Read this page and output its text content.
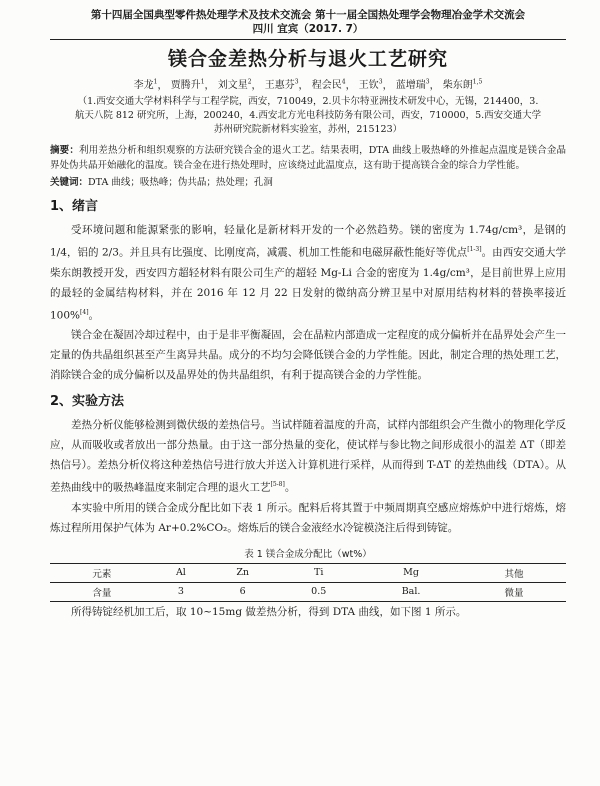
第十四届全国典型零件热处理学术及技术交流会 第十一届全国热处理学会物理冶金学术交流会
四川 宜宾（2017. 7）
镁合金差热分析与退火工艺研究
李龙$^1$， 贾腾升$^1$， 刘文星$^2$， 王惠芬$^3$， 程会民$^4$， 王钦$^3$， 蓝增瑞$^3$， 柴东朗$^{1,5}$
（1.西安交通大学材料科学与工程学院，西安，710049，2.贝卡尔特亚洲技术研发中心，无锡，214400，3.
航天八院 812 研究所，上海，200240，4.西安北方光电科技防务有限公司，西安，710000，5.西安交通大学
苏州研究院新材料实验室，苏州，215123）
摘要：利用差热分析和组织观察的方法研究镁合金的退火工艺。结果表明，DTA 曲线上吸热峰的外推起点温度是镁合金晶界处伪共晶开始融化的温度。镁合金在进行热处理时，应该绕过此温度点，这有助于提高镁合金的综合力学性能。
关键词：DTA 曲线；吸热峰；伪共晶；热处理；孔洞
1、绪言

受环境问题和能源紧张的影响，轻量化是新材料开发的一个必然趋势。镁的密度为 1.74g/cm³，是钢的 1/4，铝的 2/3。并且具有比强度、比刚度高，减震、机加工性能和电磁屏蔽性能好等优点[1-3]。由西安交通大学柴东朗教授开发，西安四方超轻材料有限公司生产的超轻 Mg-Li 合金的密度为 1.4g/cm³，是目前世界上应用的最轻的金属结构材料，并在 2016 年 12 月 22 日发射的微纳高分辨卫星中对原用结构材料的替换率接近 100%[4]。

镁合金在凝固冷却过程中，由于是非平衡凝固，会在晶粒内部造成一定程度的成分偏析并在晶界处会产生一定量的伪共晶组织甚至产生离异共晶。成分的不均匀会降低镁合金的力学性能。因此，制定合理的热处理工艺，消除镁合金的成分偏析以及晶界处的伪共晶组织，有利于提高镁合金的力学性能。

2、实验方法

差热分析仪能够检测到微伏级的差热信号。当试样随着温度的升高，试样内部组织会产生微小的物理化学反应，从而吸收或者放出一部分热量。由于这一部分热量的变化，使试样与参比物之间形成很小的温差 ΔT（即差热信号）。差热分析仪将这种差热信号进行放大并送入计算机进行采样，从而得到 T-ΔT 的差热曲线（DTA）。从差热曲线中的吸热峰温度来制定合理的退火工艺[5-8]。

本实验中所用的镁合金成分配比如下表 1 所示。配料后将其置于中频周期真空感应熔炼炉中进行熔炼，熔炼过程所用保护气体为 Ar+0.2%CO₂。熔炼后的镁合金液经水冷锭模浇注后得到铸锭。

表 1 镁合金成分配比（wt%）
元素	Al	Zn	Ti	Mg	其他
含量	3	6	0.5	Bal.	微量

所得铸锭经机加工后，取 10~15mg 做差热分析，得到 DTA 曲线，如下图 1 所示。
